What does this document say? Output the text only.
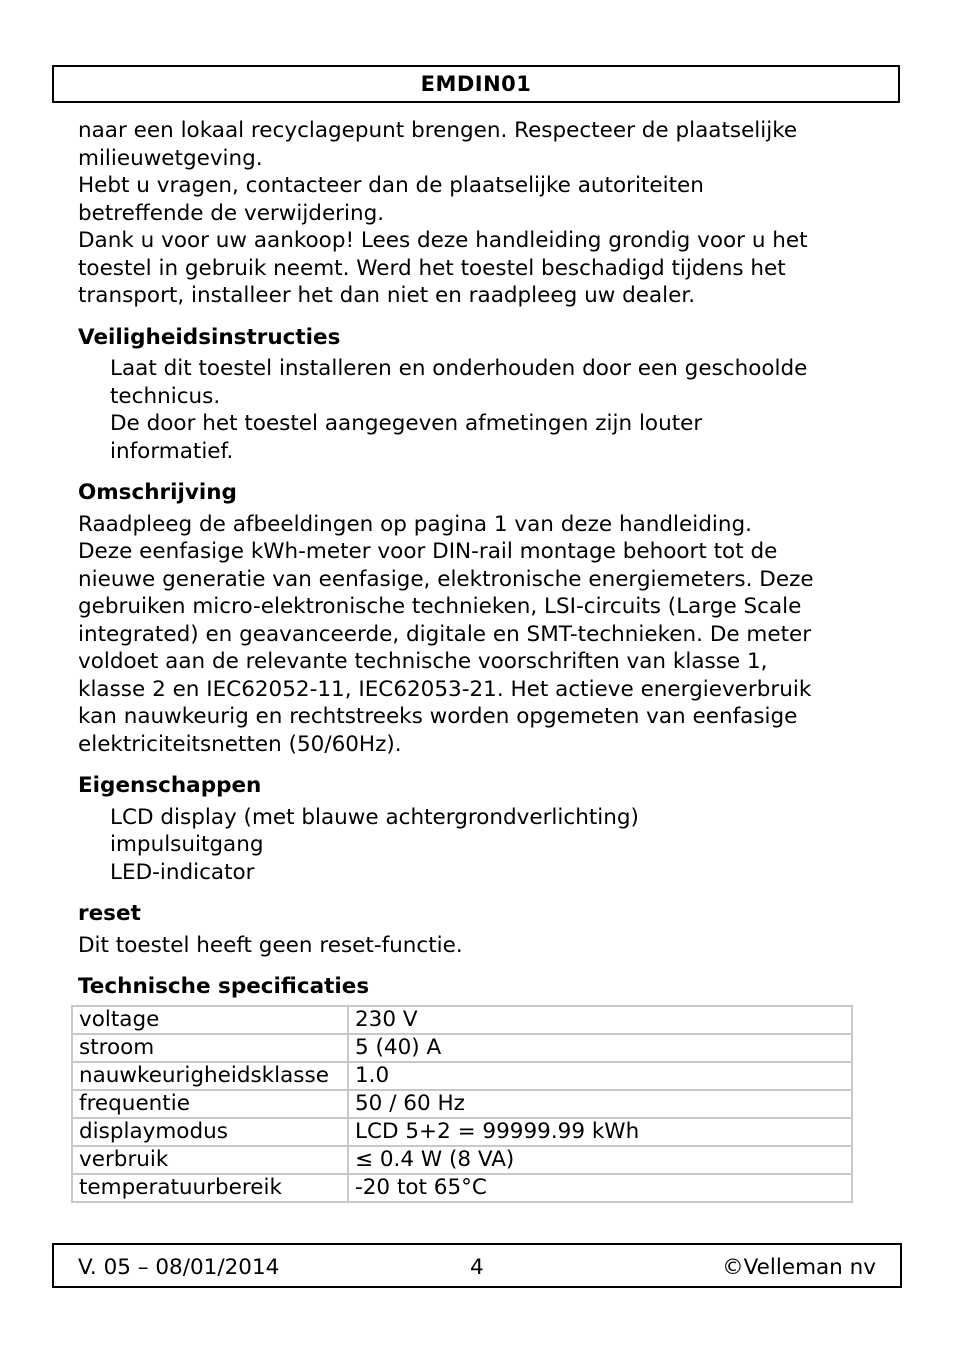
EMDIN01

naar een lokaal recyclagepunt brengen. Respecteer de plaatselijke

milieuwetgeving.

Hebt u vragen, contacteer dan de plaatselijke autoriteiten

betreffende de verwijdering.

Dank u voor uw aankoop! Lees deze handleiding grondig voor u het

toestel in gebruik neemt. Werd het toestel beschadigd tijdens het

transport, installeer het dan niet en raadpleeg uw dealer.

Veiligheidsinstructies

Laat dit toestel installeren en onderhouden door een geschoolde

technicus.

De door het toestel aangegeven afmetingen zijn louter

informatief.

Omschrijving

Raadpleeg de afbeeldingen op pagina 1 van deze handleiding.

Deze eenfasige kWh-meter voor DIN-rail montage behoort tot de

nieuwe generatie van eenfasige, elektronische energiemeters. Deze

gebruiken micro-elektronische technieken, LSI-circuits (Large Scale

integrated) en geavanceerde, digitale en SMT-technieken. De meter

voldoet aan de relevante technische voorschriften van klasse 1,

klasse 2 en IEC62052-11, IEC62053-21. Het actieve energieverbruik

kan nauwkeurig en rechtstreeks worden opgemeten van eenfasige

elektriciteitsnetten (50/60Hz).

Eigenschappen

LCD display (met blauwe achtergrondverlichting)

impulsuitgang

LED-indicator

reset

Dit toestel heeft geen reset-functie.

Technische specificaties
voltage	230 V
stroom	5 (40) A
nauwkeurigheidsklasse	1.0
frequentie	50 / 60 Hz
displaymodus	LCD 5+2 = 99999.99 kWh
verbruik	≤ 0.4 W (8 VA)
temperatuurbereik	-20 tot 65°C
V. 05 – 08/01/2014	4	©Velleman nv
